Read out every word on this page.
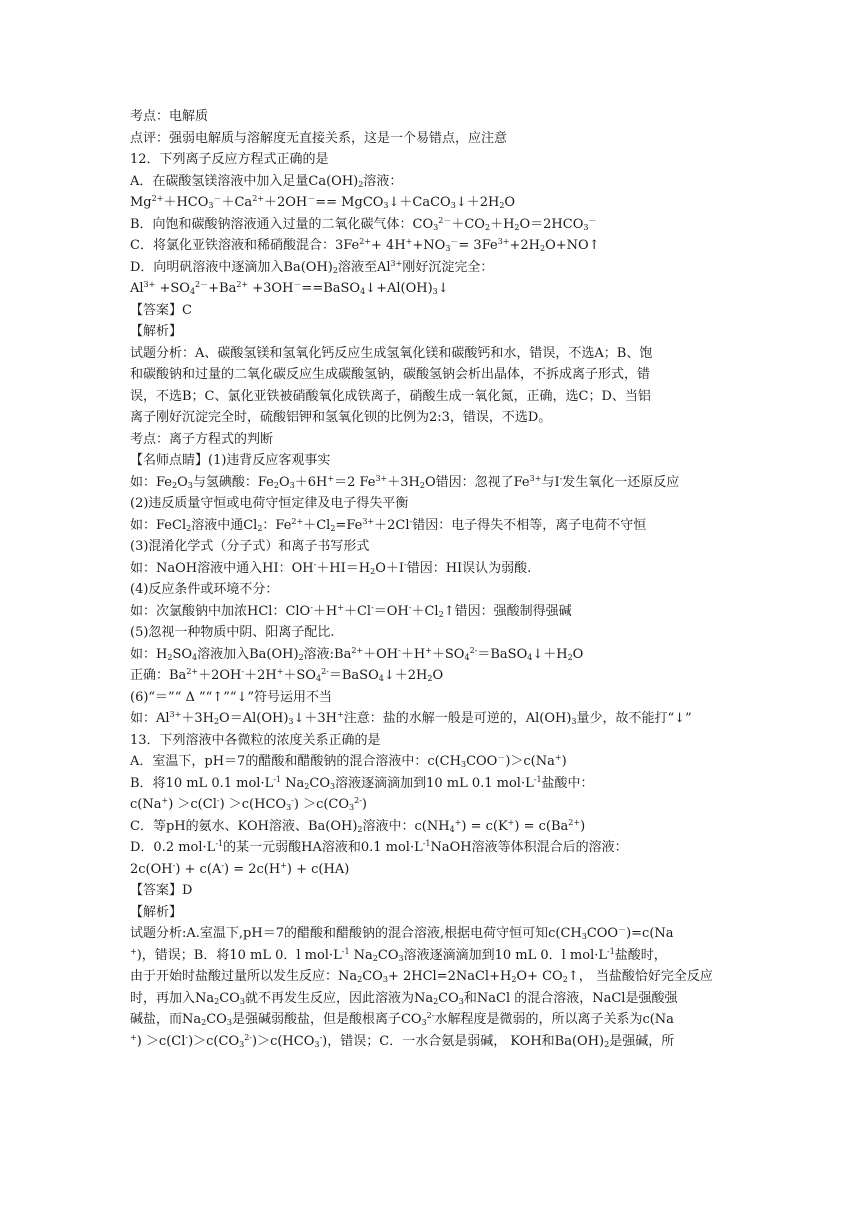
考点：电解质
点评：强弱电解质与溶解度无直接关系，这是一个易错点，应注意
12．下列离子反应方程式正确的是
A．在碳酸氢镁溶液中加入足量$Ca(OH)_2$溶液：
$Mg^{2+}+HCO_3^-+Ca^{2+}+2OH^-==$ $MgCO_3↓+CaCO_3↓+2H_2O$
B．向饱和碳酸钠溶液通入过量的二氧化碳气体：$CO_3^{2-}+CO_2+H_2O=2HCO_3^-$
C．将氯化亚铁溶液和稀硝酸混合：$3Fe^{2+}+ 4H^++NO_3^-=$ $3Fe^{3+}+2H_2O+NO↑$
D．向明矾溶液中逐滴加入$Ba(OH)_2$溶液至$Al^{3+}$刚好沉淀完全：
$Al^{3+} +SO_4^{2-}+Ba^{2+}$ $+3OH^-==BaSO_4↓+Al(OH)_3↓$
【答案】C
【解析】
试题分析：A、碳酸氢镁和氢氧化钙反应生成氢氧化镁和碳酸钙和水，错误，不选A；B、饱
和碳酸钠和过量的二氧化碳反应生成碳酸氢钠，碳酸氢钠会析出晶体，不拆成离子形式，错
误，不选B；C、氯化亚铁被硝酸氧化成铁离子，硝酸生成一氧化氮，正确，选C；D、当铝
离子刚好沉淀完全时，硫酸铝钾和氢氧化钡的比例为2:3，错误，不选D。
考点：离子方程式的判断
【名师点睛】(1)违背反应客观事实
如：$Fe_2O_3$与氢碘酸：$Fe_2O_3+6H^+=2$ $Fe^{3+}+3H_2O$错因：忽视了$Fe^{3+}$与I-发生氧化一还原反应
(2)违反质量守恒或电荷守恒定律及电子得失平衡
如：FeCl$_2$溶液中通$Cl_2$：$Fe^{2+}+Cl_2=Fe^{3+}+2Cl^-$错因：电子得失不相等，离子电荷不守恒
(3)混淆化学式（分子式）和离子书写形式
如：NaOH溶液中通入HI：$OH^-+HI=H_2O+I^-$错因：HI误认为弱酸.
(4)反应条件或环境不分：
如：次氯酸钠中加浓HCl：$ClO^-+H^++Cl^-=OH^-+Cl_2↑$错因：强酸制得强碱
(5)忽视一种物质中阴、阳离子配比.
如：$H_2SO_4$溶液加入$Ba(OH)_2$溶液$:Ba^{2+}+OH^-+H^++SO_4^{2-}=BaSO_4↓+H_2O$
正确：$Ba^{2+}+2OH^-+2H^++SO_4^{2-}=BaSO_4↓+2H_2O$
(6)“＝”“ Δ ”“↑”“↓”符号运用不当
如：$Al^{3+}+3H_2O=Al(OH)_3↓+3H^+$注意：盐的水解一般是可逆的，$Al(OH)_3$量少，故不能打“↓”
13．下列溶液中各微粒的浓度关系正确的是
A．室温下，pH＝7的醋酸和醋酸钠的混合溶液中：$c(CH_3COO^-)>c(Na^+)$
B．将10 mL 0.1 $mol\cdot L^{-1}$ $Na_2CO_3$溶液逐滴滴加到10 mL 0.1 $mol\cdot L^{-1}$盐酸中：
$c(Na^+) >c(Cl^-) >c(HCO_3^-) >c(CO_3^{2-})$
C．等pH的氨水、KOH溶液、$Ba(OH)_2$溶液中：$c(NH_4^+) = c(K^+) = c(Ba^{2+})$
D．0.2 $mol\cdot L^{-1}$的某一元弱酸HA溶液和0.1 $mol\cdot L^{-1}NaOH$溶液等体积混合后的溶液：
2c(OH-) + c(A-) = 2c(H+) + c(HA)
【答案】D
【解析】
试题分析:A.室温下,pH＝7的醋酸和醋酸钠的混合溶液,根据电荷守恒可知$c(CH_3COO^-)=c(Na$
+)，错误；B．将10 mL 0．l $mol\cdot L^{-1}$ $Na_2CO_3$溶液逐滴滴加到10 mL 0．l $mol\cdot L^{-1}$盐酸时，
由于开始时盐酸过量所以发生反应：$Na_2CO_3+$ $2HCl=2NaCl+H_2O+$ $CO_2↑$， 当盐酸恰好完全反应
时，再加入$Na_2CO_3$就不再发生反应，因此溶液为$Na_2CO_3$和NaCl 的混合溶液，NaCl是强酸强
碱盐，而$Na_2CO_3$是强碱弱酸盐，但是酸根离子$CO_3^{2-}$水解程度是微弱的，所以离子关系为c(Na
$^+) >c(Cl^-)>c(CO_3^{2-})>c(HCO_3^-)$，错误；C．一水合氨是弱碱， KOH和$Ba(OH)_2$是强碱，所
